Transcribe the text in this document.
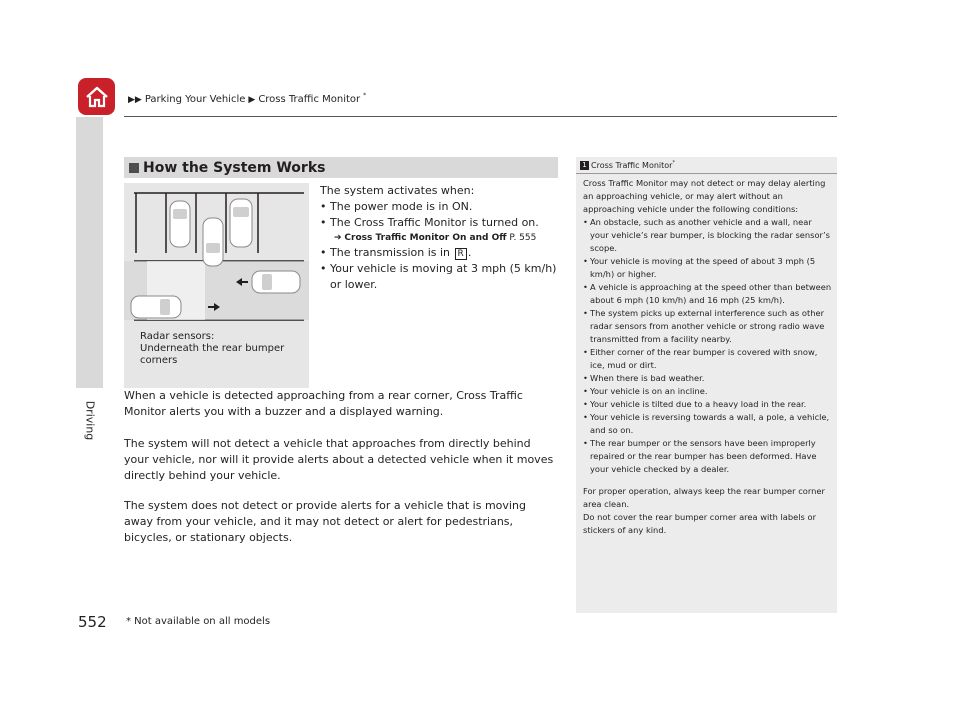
▶▶ Parking Your Vehicle ▶ Cross Traffic Monitor *
Driving
How the System Works
Radar sensors:
Underneath the rear bumper
corners
The system activates when:
• The power mode is in ON.
• The Cross Traffic Monitor is turned on.
➔ Cross Traffic Monitor On and Off P. 555
• The transmission is in R .
• Your vehicle is moving at 3 mph (5 km/h) or lower.
When a vehicle is detected approaching from a rear corner, Cross Traffic Monitor alerts you with a buzzer and a displayed warning.
The system will not detect a vehicle that approaches from directly behind your vehicle, nor will it provide alerts about a detected vehicle when it moves directly behind your vehicle.
The system does not detect or provide alerts for a vehicle that is moving away from your vehicle, and it may not detect or alert for pedestrians, bicycles, or stationary objects.
1 Cross Traffic Monitor *
Cross Traffic Monitor may not detect or may delay alerting an approaching vehicle, or may alert without an approaching vehicle under the following conditions:
• An obstacle, such as another vehicle and a wall, near your vehicle’s rear bumper, is blocking the radar sensor’s scope.
• Your vehicle is moving at the speed of about 3 mph (5 km/h) or higher.
• A vehicle is approaching at the speed other than between about 6 mph (10 km/h) and 16 mph (25 km/h).
• The system picks up external interference such as other radar sensors from another vehicle or strong radio wave transmitted from a facility nearby.
• Either corner of the rear bumper is covered with snow, ice, mud or dirt.
• When there is bad weather.
• Your vehicle is on an incline.
• Your vehicle is tilted due to a heavy load in the rear.
• Your vehicle is reversing towards a wall, a pole, a vehicle, and so on.
• The rear bumper or the sensors have been improperly repaired or the rear bumper has been deformed. Have your vehicle checked by a dealer.
For proper operation, always keep the rear bumper corner area clean.
Do not cover the rear bumper corner area with labels or stickers of any kind.
552 * Not available on all models
